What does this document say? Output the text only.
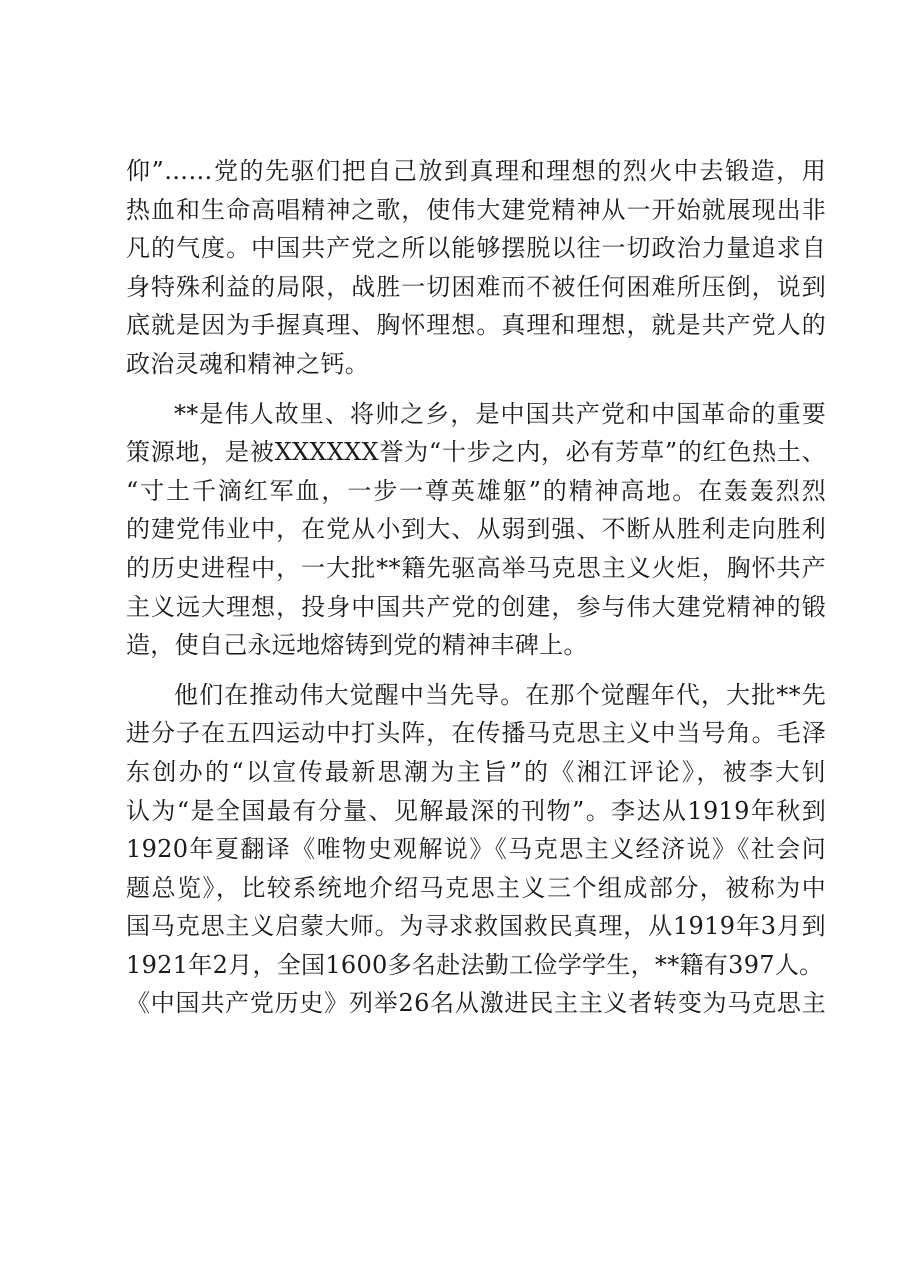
仰”……党的先驱们把自己放到真理和理想的烈火中去锻造，用
热血和生命高唱精神之歌，使伟大建党精神从一开始就展现出非
凡的气度。中国共产党之所以能够摆脱以往一切政治力量追求自
身特殊利益的局限，战胜一切困难而不被任何困难所压倒，说到
底就是因为手握真理、胸怀理想。真理和理想，就是共产党人的
政治灵魂和精神之钙。
**是伟人故里、将帅之乡，是中国共产党和中国革命的重要
策源地，是被XXXXXX誉为“十步之内，必有芳草”的红色热土、
“寸土千滴红军血，一步一尊英雄躯”的精神高地。在轰轰烈烈
的建党伟业中，在党从小到大、从弱到强、不断从胜利走向胜利
的历史进程中，一大批**籍先驱高举马克思主义火炬，胸怀共产
主义远大理想，投身中国共产党的创建，参与伟大建党精神的锻
造，使自己永远地熔铸到党的精神丰碑上。
他们在推动伟大觉醒中当先导。在那个觉醒年代，大批**先
进分子在五四运动中打头阵，在传播马克思主义中当号角。毛泽
东创办的“以宣传最新思潮为主旨”的《湘江评论》，被李大钊
认为“是全国最有分量、见解最深的刊物”。李达从1919年秋到
1920年夏翻译《唯物史观解说》《马克思主义经济说》《社会问
题总览》，比较系统地介绍马克思主义三个组成部分，被称为中
国马克思主义启蒙大师。为寻求救国救民真理，从1919年3月到
1921年2月，全国1600多名赴法勤工俭学学生，**籍有397人。
《中国共产党历史》列举26名从激进民主主义者转变为马克思主
